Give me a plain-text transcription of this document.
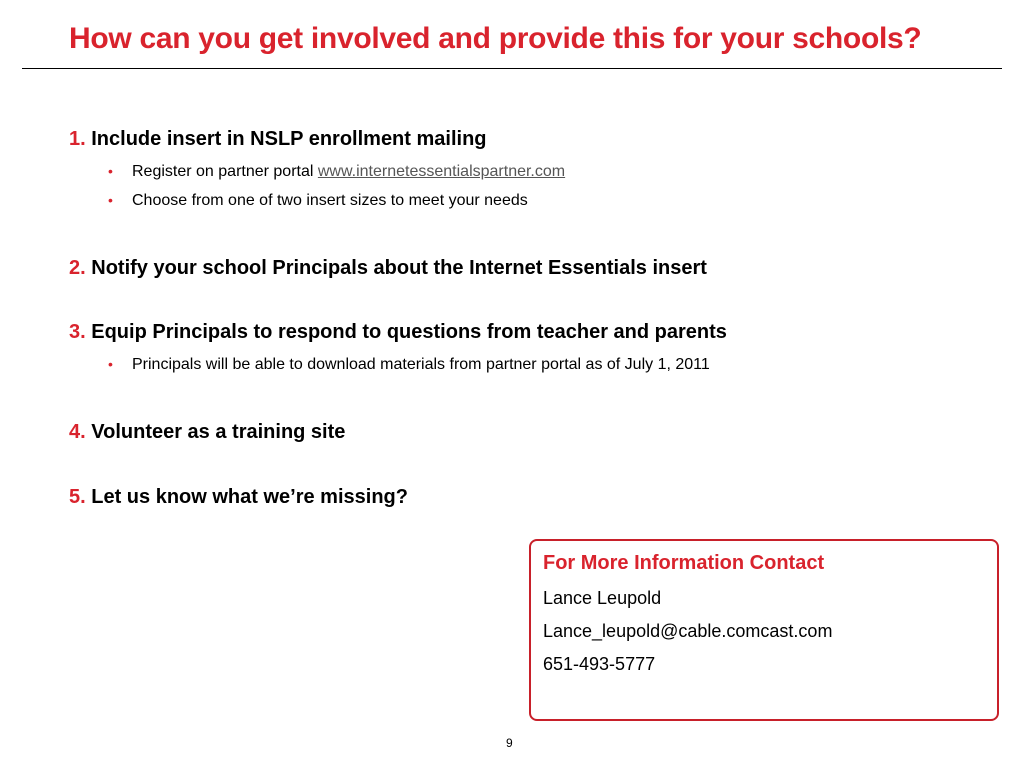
How can you get involved and provide this for your schools?
1. Include insert in NSLP enrollment mailing
• Register on partner portal www.internetessentialspartner.com
• Choose from one of two insert sizes to meet your needs
2. Notify your school Principals about the Internet Essentials insert
3. Equip Principals to respond to questions from teacher and parents
• Principals will be able to download materials from partner portal as of July 1, 2011
4. Volunteer as a training site
5. Let us know what we’re missing?
For More Information Contact
Lance Leupold
Lance_leupold@cable.comcast.com
651-493-5777
9
